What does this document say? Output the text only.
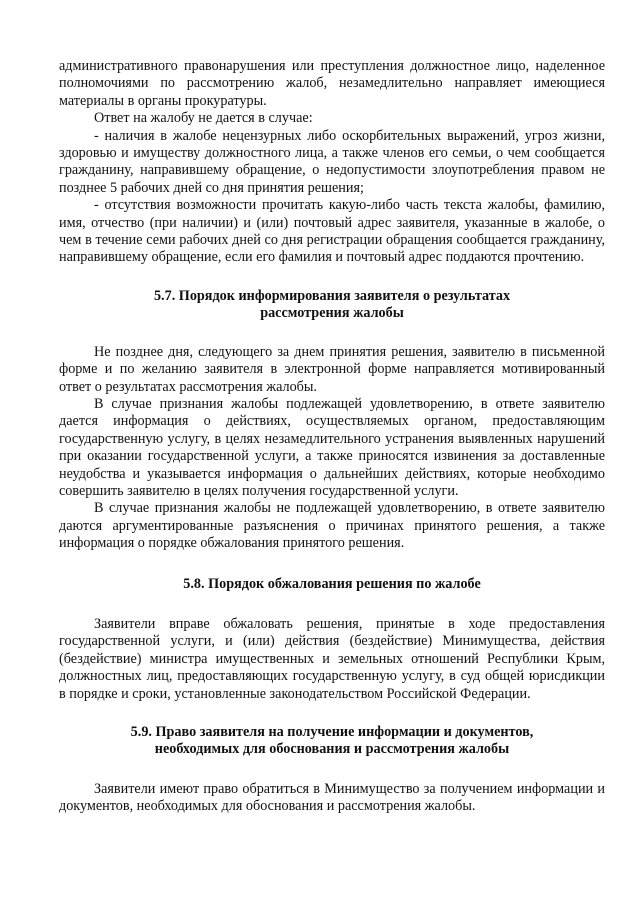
административного правонарушения или преступления должностное лицо, наделенное полномочиями по рассмотрению жалоб, незамедлительно направляет имеющиеся материалы в органы прокуратуры.

Ответ на жалобу не дается в случае:

- наличия в жалобе нецензурных либо оскорбительных выражений, угроз жизни, здоровью и имуществу должностного лица, а также членов его семьи, о чем сообщается гражданину, направившему обращение, о недопустимости злоупотребления правом не позднее 5 рабочих дней со дня принятия решения;

- отсутствия возможности прочитать какую-либо часть текста жалобы, фамилию, имя, отчество (при наличии) и (или) почтовый адрес заявителя, указанные в жалобе, о чем в течение семи рабочих дней со дня регистрации обращения сообщается гражданину, направившему обращение, если его фамилия и почтовый адрес поддаются прочтению.

5.7. Порядок информирования заявителя о результатах
рассмотрения жалобы

Не позднее дня, следующего за днем принятия решения, заявителю в письменной форме и по желанию заявителя в электронной форме направляется мотивированный ответ о результатах рассмотрения жалобы.

В случае признания жалобы подлежащей удовлетворению, в ответе заявителю дается информация о действиях, осуществляемых органом, предоставляющим государственную услугу, в целях незамедлительного устранения выявленных нарушений при оказании государственной услуги, а также приносятся извинения за доставленные неудобства и указывается информация о дальнейших действиях, которые необходимо совершить заявителю в целях получения государственной услуги.

В случае признания жалобы не подлежащей удовлетворению, в ответе заявителю даются аргументированные разъяснения о причинах принятого решения, а также информация о порядке обжалования принятого решения.

5.8. Порядок обжалования решения по жалобе

Заявители вправе обжаловать решения, принятые в ходе предоставления государственной услуги, и (или) действия (бездействие) Минимущества, действия (бездействие) министра имущественных и земельных отношений Республики Крым, должностных лиц, предоставляющих государственную услугу, в суд общей юрисдикции в порядке и сроки, установленные законодательством Российской Федерации.

5.9. Право заявителя на получение информации и документов,
необходимых для обоснования и рассмотрения жалобы

Заявители имеют право обратиться в Минимущество за получением информации и документов, необходимых для обоснования и рассмотрения жалобы.
